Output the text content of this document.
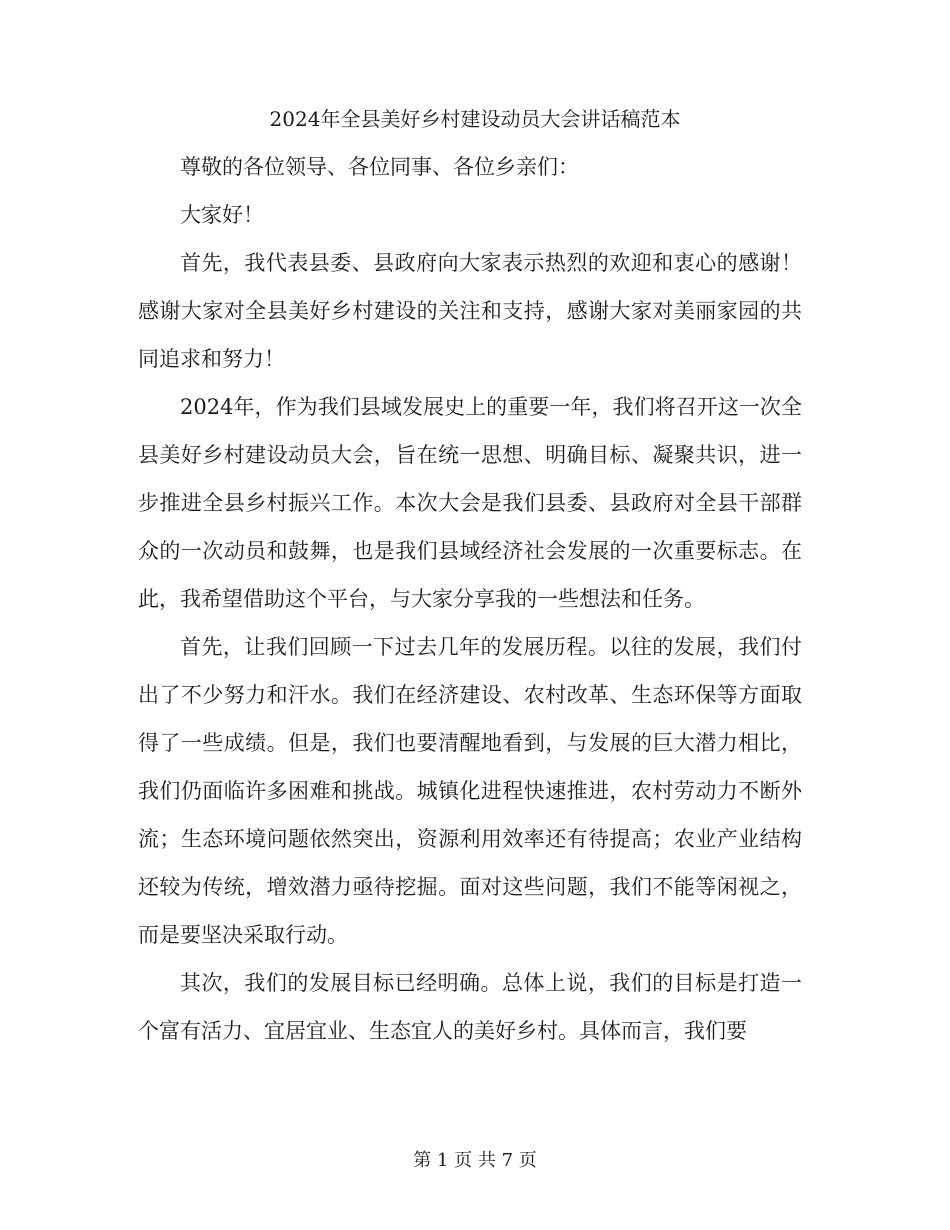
2024年全县美好乡村建设动员大会讲话稿范本

尊敬的各位领导、各位同事、各位乡亲们：

大家好！

首先，我代表县委、县政府向大家表示热烈的欢迎和衷心的感谢！感谢大家对全县美好乡村建设的关注和支持，感谢大家对美丽家园的共同追求和努力！

2024年，作为我们县域发展史上的重要一年，我们将召开这一次全县美好乡村建设动员大会，旨在统一思想、明确目标、凝聚共识，进一步推进全县乡村振兴工作。本次大会是我们县委、县政府对全县干部群众的一次动员和鼓舞，也是我们县域经济社会发展的一次重要标志。在此，我希望借助这个平台，与大家分享我的一些想法和任务。

首先，让我们回顾一下过去几年的发展历程。以往的发展，我们付出了不少努力和汗水。我们在经济建设、农村改革、生态环保等方面取得了一些成绩。但是，我们也要清醒地看到，与发展的巨大潜力相比，我们仍面临许多困难和挑战。城镇化进程快速推进，农村劳动力不断外流；生态环境问题依然突出，资源利用效率还有待提高；农业产业结构还较为传统，增效潜力亟待挖掘。面对这些问题，我们不能等闲视之，而是要坚决采取行动。

其次，我们的发展目标已经明确。总体上说，我们的目标是打造一个富有活力、宜居宜业、生态宜人的美好乡村。具体而言，我们要

第 1 页 共 7 页
